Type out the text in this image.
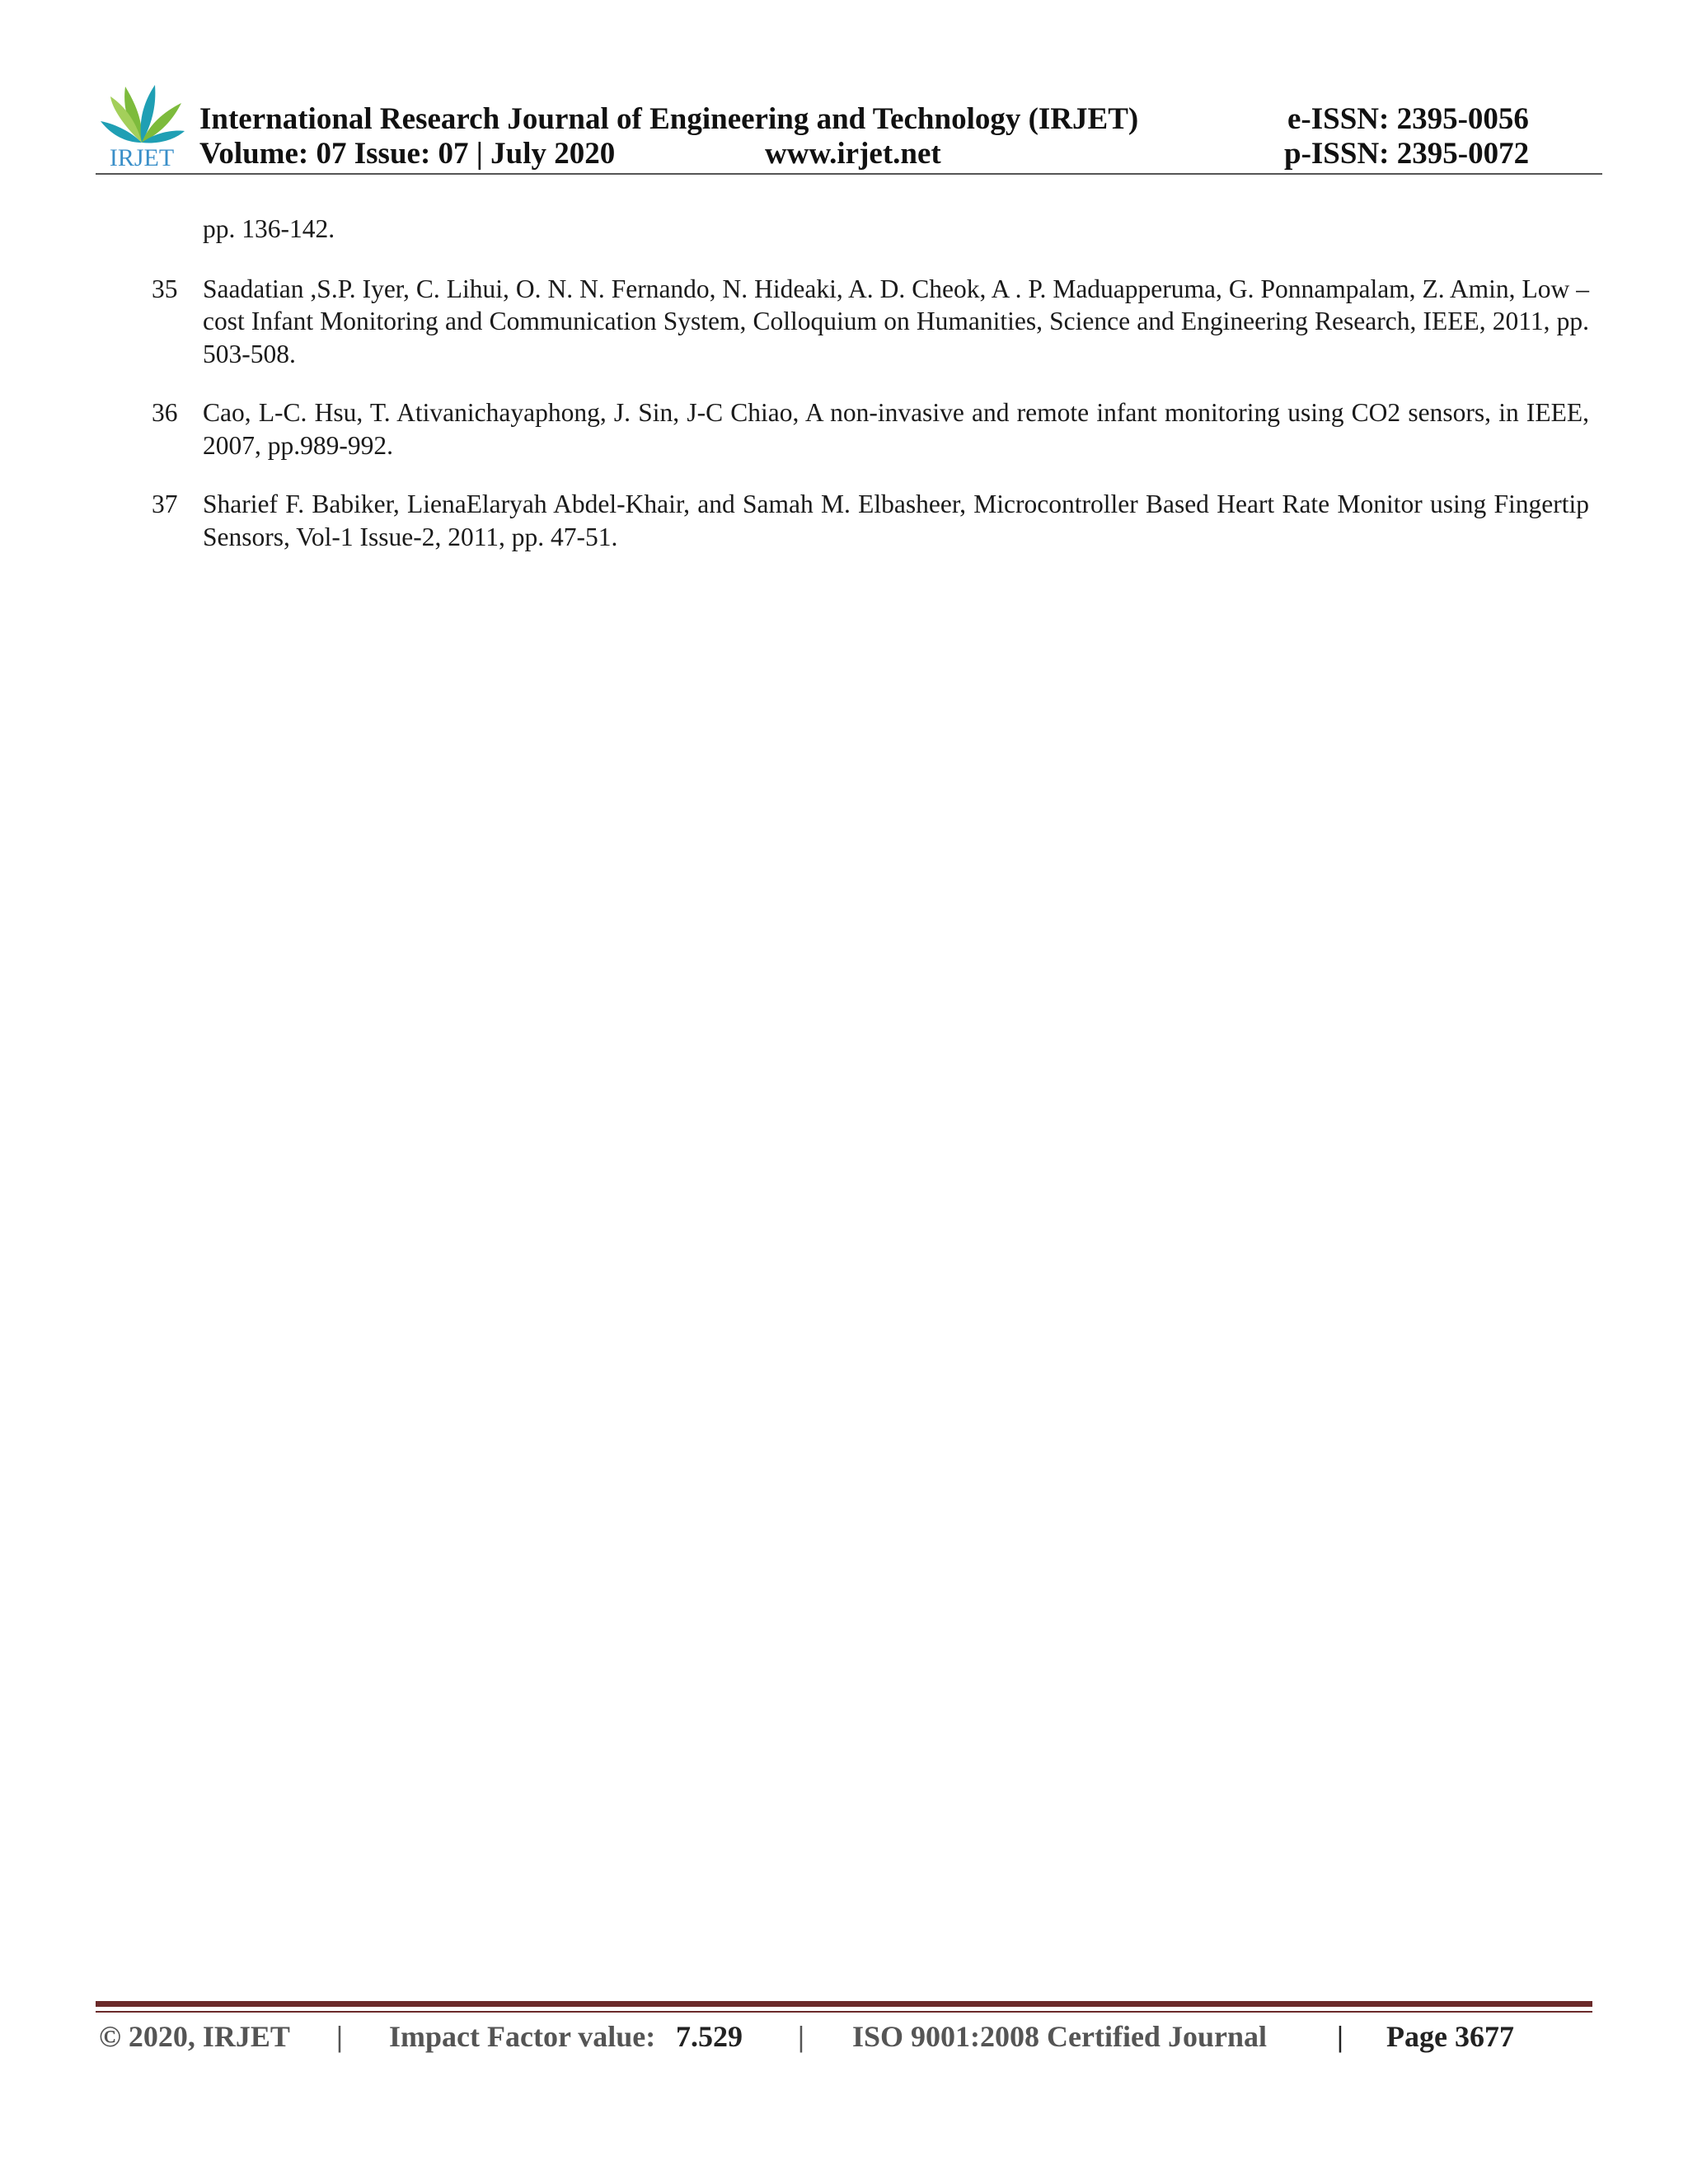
IRJET
International Research Journal of Engineering and Technology (IRJET)
Volume: 07 Issue: 07 | July 2020	www.irjet.net
e-ISSN: 2395-0056
p-ISSN: 2395-0072
pp. 136-142.
35 Saadatian ,S.P. Iyer, C. Lihui, O. N. N. Fernando, N. Hideaki, A. D. Cheok, A . P. Maduapperuma, G. Ponnampalam, Z. Amin, Low –cost Infant Monitoring and Communication System, Colloquium on Humanities, Science and Engineering Research, IEEE, 2011, pp. 503-508.
36 Cao, L-C. Hsu, T. Ativanichayaphong, J. Sin, J-C Chiao, A non-invasive and remote infant monitoring using CO2 sensors, in IEEE, 2007, pp.989-992.
37 Sharief F. Babiker, LienaElaryah Abdel-Khair, and Samah M. Elbasheer, Microcontroller Based Heart Rate Monitor using Fingertip Sensors, Vol-1 Issue-2, 2011, pp. 47-51.
© 2020, IRJET | Impact Factor value: 7.529 | ISO 9001:2008 Certified Journal | Page 3677
